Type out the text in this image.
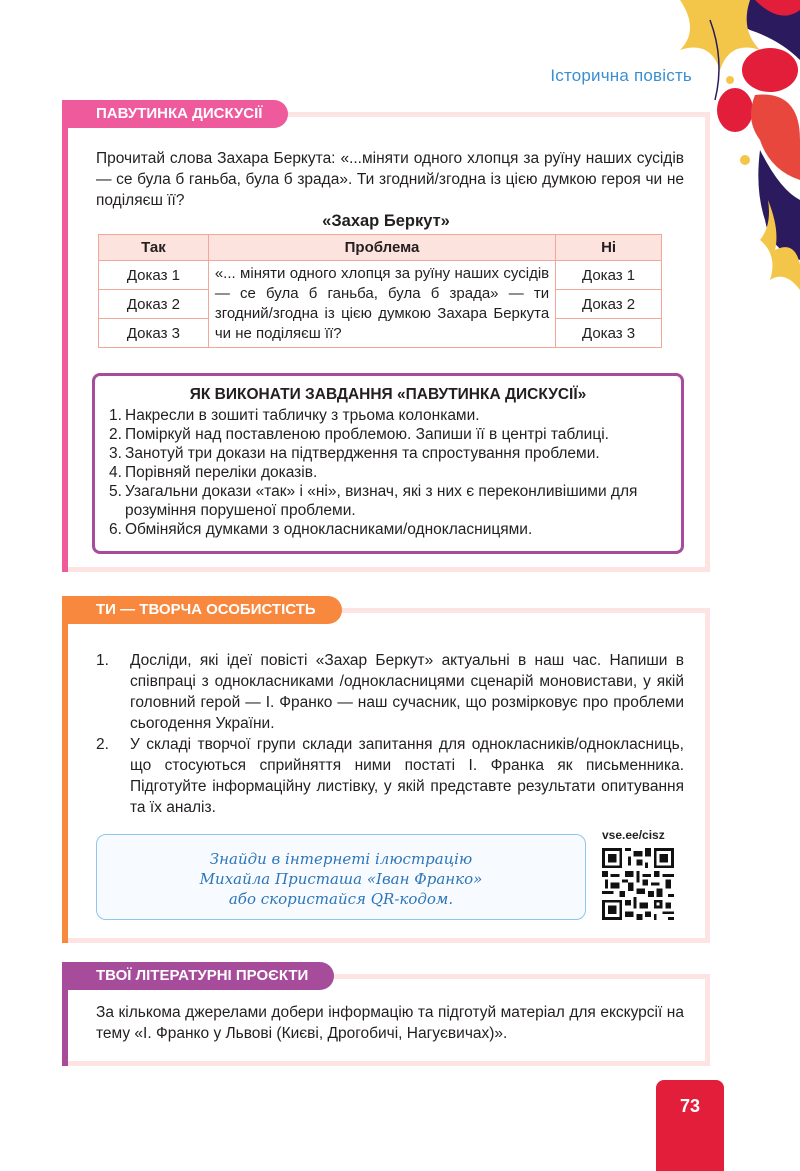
Історична повість
ПАВУТИНКА ДИСКУСІЇ

Прочитай слова Захара Беркута: «...міняти одного хлопця за руїну наших сусідів — се була б ганьба, була б зрада». Ти згодний/згодна із цією думкою героя чи не поділяєш її?

«Захар Беркут»
Так	Проблема	Ні
Доказ 1	«... міняти одного хлопця за руїну наших сусідів — се була б ганьба, була б зрада» — ти згодний/згодна із цією думкою Захара Беркута чи не поділяєш її?	Доказ 1
Доказ 2		Доказ 2
Доказ 3		Доказ 3
ЯК ВИКОНАТИ ЗАВДАННЯ «ПАВУТИНКА ДИСКУСІЇ»
1. Накресли в зошиті табличку з трьома колонками.
2. Поміркуй над поставленою проблемою. Запиши її в центрі таблиці.
3. Занотуй три докази на підтвердження та спростування проблеми.
4. Порівняй переліки доказів.
5. Узагальни докази «так» і «ні», визнач, які з них є переконливішими для розуміння порушеної проблеми.
6. Обміняйся думками з однокласниками/однокласницями.
ТИ — ТВОРЧА ОСОБИСТІСТЬ
1.	Досліди, які ідеї повісті «Захар Беркут» актуальні в наш час. Напиши в співпраці з однокласниками /однокласницями сценарій моновистави, у якій головний герой — І. Франко — наш сучасник, що розмірковує про проблеми сьогодення України.
2.	У складі творчої групи склади запитання для однокласників/однокласниць, що стосуються сприйняття ними постаті І. Франка як письменника. Підготуйте інформаційну листівку, у якій представте результати опитування та їх аналіз.
Знайди в інтернеті ілюстрацію
Михайла Присташа «Іван Франко»
або скористайся QR-кодом.
vse.ee/cisz
ТВОЇ ЛІТЕРАТУРНІ ПРОЄКТИ

За кількома джерелами добери інформацію та підготуй матеріал для екскурсії на тему «І. Франко у Львові (Києві, Дрогобичі, Нагуєвичах)».

73
